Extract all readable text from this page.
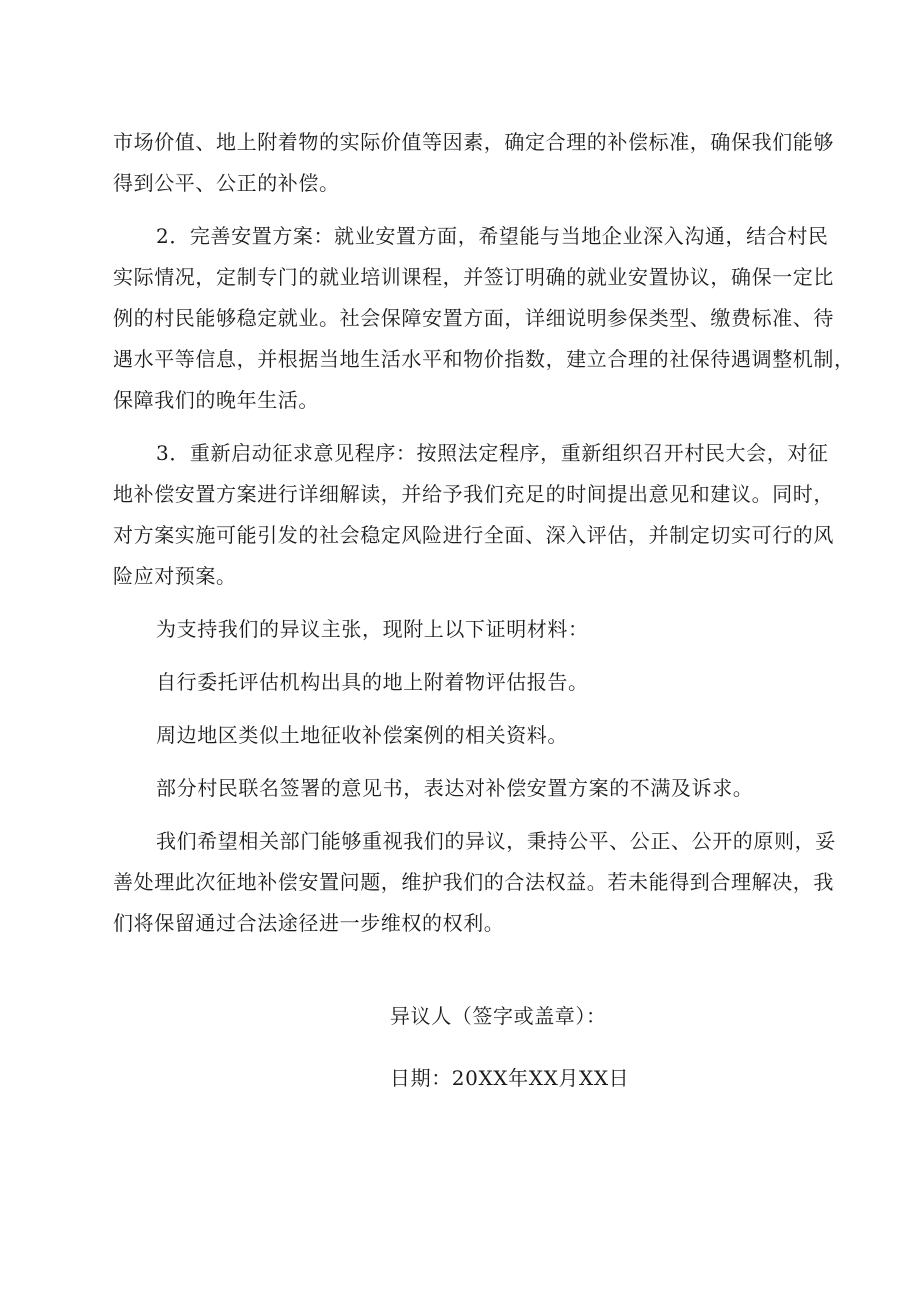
市场价值、地上附着物的实际价值等因素，确定合理的补偿标准，确保我们能够
得到公平、公正的补偿。
2．完善安置方案：就业安置方面，希望能与当地企业深入沟通，结合村民
实际情况，定制专门的就业培训课程，并签订明确的就业安置协议，确保一定比
例的村民能够稳定就业。社会保障安置方面，详细说明参保类型、缴费标准、待
遇水平等信息，并根据当地生活水平和物价指数，建立合理的社保待遇调整机制，
保障我们的晚年生活。
3．重新启动征求意见程序：按照法定程序，重新组织召开村民大会，对征
地补偿安置方案进行详细解读，并给予我们充足的时间提出意见和建议。同时，
对方案实施可能引发的社会稳定风险进行全面、深入评估，并制定切实可行的风
险应对预案。
为支持我们的异议主张，现附上以下证明材料：
自行委托评估机构出具的地上附着物评估报告。
周边地区类似土地征收补偿案例的相关资料。
部分村民联名签署的意见书，表达对补偿安置方案的不满及诉求。
我们希望相关部门能够重视我们的异议，秉持公平、公正、公开的原则，妥
善处理此次征地补偿安置问题，维护我们的合法权益。若未能得到合理解决，我
们将保留通过合法途径进一步维权的权利。
异议人（签字或盖章）：
日期：20XX年XX月XX日
